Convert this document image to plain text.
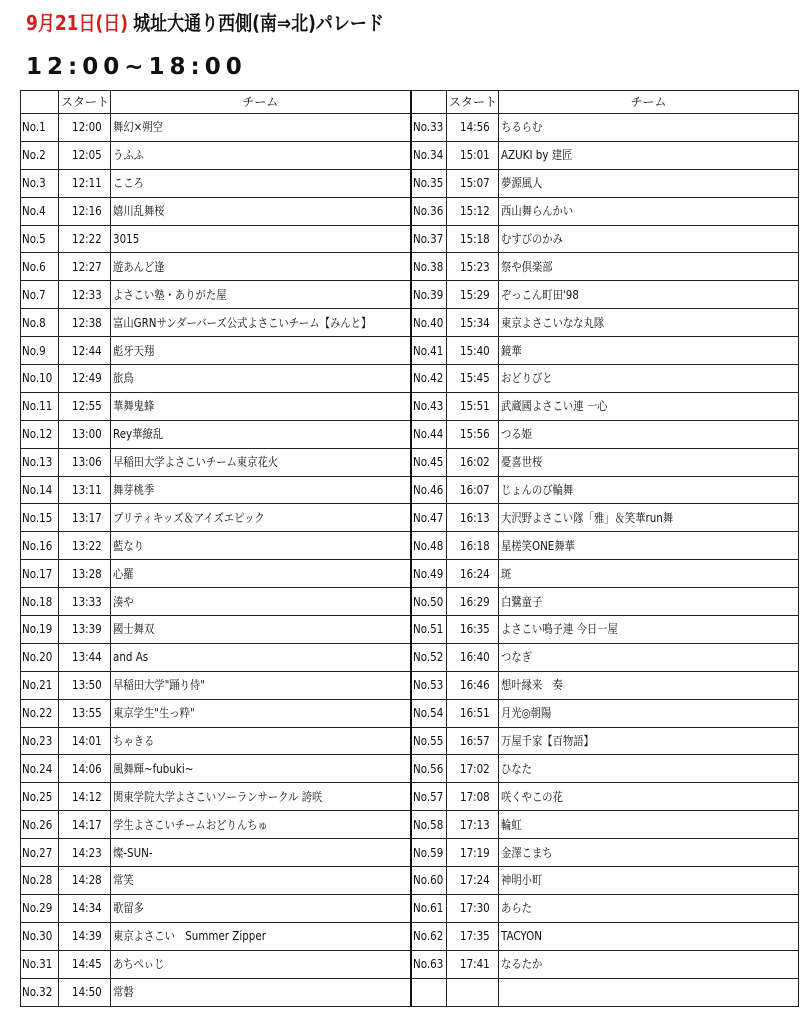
9月21日(日) 城址大通り西側(南⇒北)パレード
12:00~18:00
	スタート	チーム		スタート	チーム
No.1	12:00	舞幻×朔空	No.33	14:56	ちるらむ
No.2	12:05	うふふ	No.34	15:01	AZUKI by 建匠
No.3	12:11	こころ	No.35	15:07	夢源風人
No.4	12:16	嬉川乱舞桜	No.36	15:12	西山舞らんかい
No.5	12:22	3015	No.37	15:18	むすびのかみ
No.6	12:27	遊あんど逢	No.38	15:23	祭や倶楽部
No.7	12:33	よさこい塾・ありがた屋	No.39	15:29	ぞっこん町田'98
No.8	12:38	富山GRNサンダーバーズ公式よさこいチーム【みんと】	No.40	15:34	東京よさこいなな丸隊
No.9	12:44	彪牙天翔	No.41	15:40	鏡華
No.10	12:49	旅鳥	No.42	15:45	おどりびと
No.11	12:55	華舞鬼蜂	No.43	15:51	武蔵國よさこい連 一心
No.12	13:00	Rey華繚乱	No.44	15:56	つる姫
No.13	13:06	早稲田大学よさこいチーム東京花火	No.45	16:02	憂喜世桜
No.14	13:11	舞芽桃季	No.46	16:07	じょんのび輪舞
No.15	13:17	プリティキッズ＆アイズエピック	No.47	16:13	大沢野よさこい隊「雅」＆笑華run舞
No.16	13:22	藍なり	No.48	16:18	星槎笑ONE舞華
No.17	13:28	心羅	No.49	16:24	斑
No.18	13:33	湊や	No.50	16:29	白鷺童子
No.19	13:39	國士舞双	No.51	16:35	よさこい鳴子連 今日一屋
No.20	13:44	and As	No.52	16:40	つなぎ
No.21	13:50	早稲田大学"踊り侍"	No.53	16:46	想叶縁来　奏
No.22	13:55	東京学生"生っ粋"	No.54	16:51	月光◎朝陽
No.23	14:01	ちゃきる	No.55	16:57	万屋千家【百物語】
No.24	14:06	風舞輝~fubuki~	No.56	17:02	ひなた
No.25	14:12	関東学院大学よさこいソーランサークル 誇咲	No.57	17:08	咲くやこの花
No.26	14:17	学生よさこいチームおどりんちゅ	No.58	17:13	輪虹
No.27	14:23	燦-SUN-	No.59	17:19	金澤こまち
No.28	14:28	常笑	No.60	17:24	神明小町
No.29	14:34	歌留多	No.61	17:30	あらた
No.30	14:39	東京よさこい　Summer Zipper	No.62	17:35	TACYON
No.31	14:45	あちぺぃじ	No.63	17:41	なるたか
No.32	14:50	常磐			
